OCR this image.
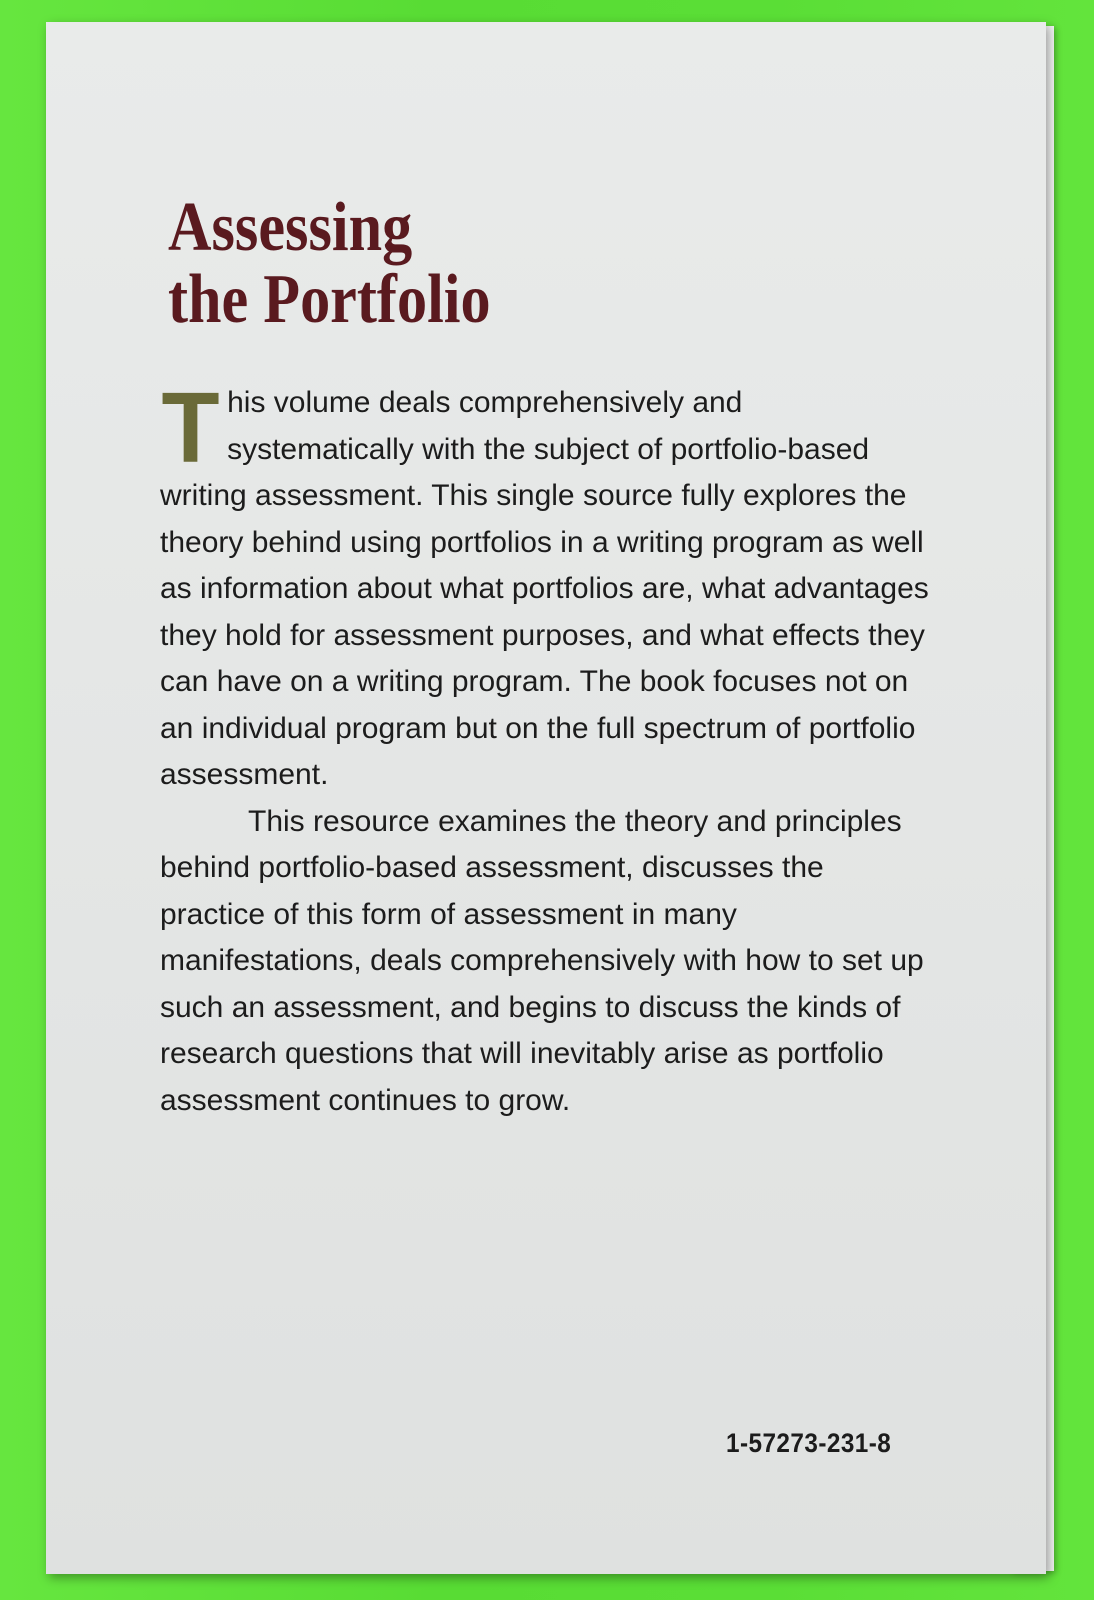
Assessing
the Portfolio

This volume deals comprehensively and systematically with the subject of portfolio-based writing assessment. This single source fully explores the theory behind using portfolios in a writing program as well as information about what portfolios are, what advantages they hold for assessment purposes, and what effects they can have on a writing program. The book focuses not on an individual program but on the full spectrum of portfolio assessment.

This resource examines the theory and principles behind portfolio-based assessment, discusses the practice of this form of assessment in many manifestations, deals comprehensively with how to set up such an assessment, and begins to discuss the kinds of research questions that will inevitably arise as portfolio assessment continues to grow.

1-57273-231-8
